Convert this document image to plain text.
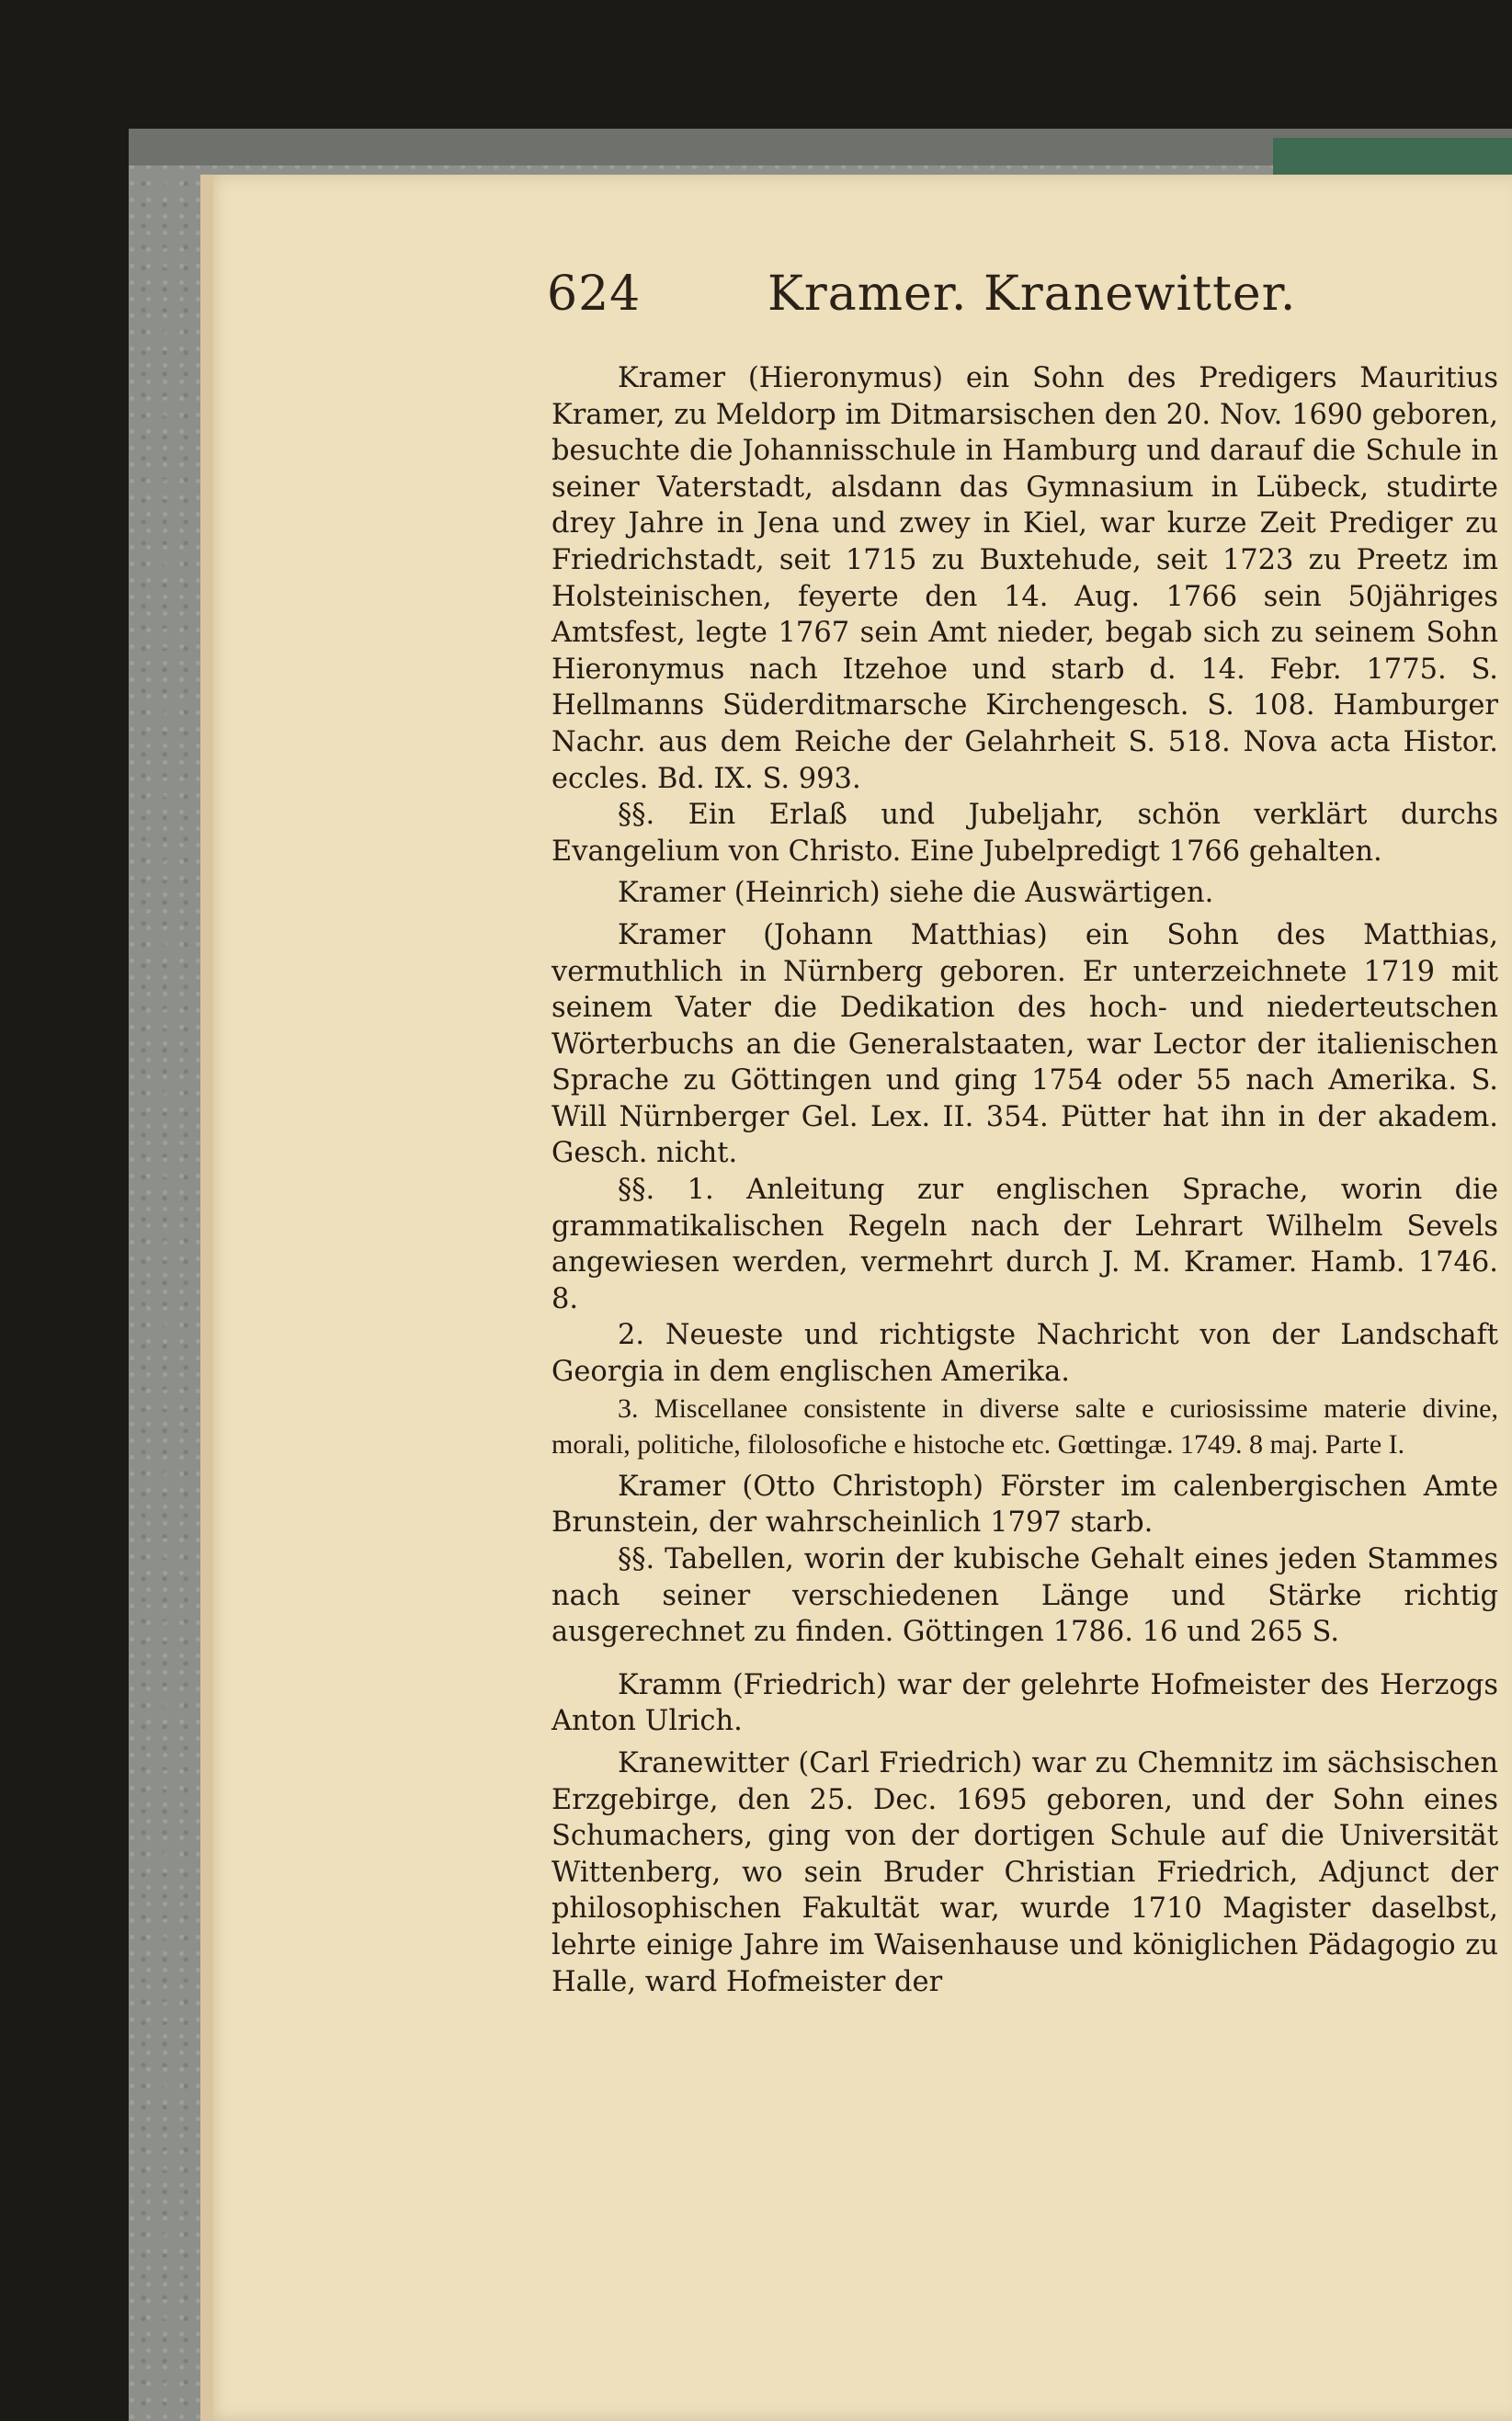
624	Kramer. Kranewitter.

Kramer (Hieronymus) ein Sohn des Predigers Mauritius Kramer, zu Meldorp im Ditmarsischen den 20. Nov. 1690 geboren, besuchte die Johannisschule in Hamburg und darauf die Schule in seiner Vaterstadt, alsdann das Gymnasium in Lübeck, studirte drey Jahre in Jena und zwey in Kiel, war kurze Zeit Prediger zu Friedrichstadt, seit 1715 zu Buxtehude, seit 1723 zu Preetz im Holsteinischen, feyerte den 14. Aug. 1766 sein 50jähriges Amtsfest, legte 1767 sein Amt nieder, begab sich zu seinem Sohn Hieronymus nach Itzehoe und starb d. 14. Febr. 1775. S. Hellmanns Süderditmarsche Kirchengesch. S. 108. Hamburger Nachr. aus dem Reiche der Gelahrheit S. 518. Nova acta Histor. eccles. Bd. IX. S. 993.

§§. Ein Erlaß und Jubeljahr, schön verklärt durchs Evangelium von Christo. Eine Jubelpredigt 1766 gehalten.

Kramer (Heinrich) siehe die Auswärtigen.

Kramer (Johann Matthias) ein Sohn des Matthias, vermuthlich in Nürnberg geboren. Er unterzeichnete 1719 mit seinem Vater die Dedikation des hoch- und niederteutschen Wörterbuchs an die Generalstaaten, war Lector der italienischen Sprache zu Göttingen und ging 1754 oder 55 nach Amerika. S. Will Nürnberger Gel. Lex. II. 354. Pütter hat ihn in der akadem. Gesch. nicht.

§§. 1. Anleitung zur englischen Sprache, worin die grammatikalischen Regeln nach der Lehrart Wilhelm Sevels angewiesen werden, vermehrt durch J. M. Kramer. Hamb. 1746. 8.

2. Neueste und richtigste Nachricht von der Landschaft Georgia in dem englischen Amerika.

3. Miscellanee consistente in diverse salte e curiosissime materie divine, morali, politiche, filolosofiche e histoche etc. Gœttingæ. 1749. 8 maj. Parte I.

Kramer (Otto Christoph) Förster im calenbergischen Amte Brunstein, der wahrscheinlich 1797 starb.

§§. Tabellen, worin der kubische Gehalt eines jeden Stammes nach seiner verschiedenen Länge und Stärke richtig ausgerechnet zu finden. Göttingen 1786. 16 und 265 S.

Kramm (Friedrich) war der gelehrte Hofmeister des Herzogs Anton Ulrich.

Kranewitter (Carl Friedrich) war zu Chemnitz im sächsischen Erzgebirge, den 25. Dec. 1695 geboren, und der Sohn eines Schumachers, ging von der dortigen Schule auf die Universität Wittenberg, wo sein Bruder Christian Friedrich, Adjunct der philosophischen Fakultät war, wurde 1710 Magister daselbst, lehrte einige Jahre im Waisenhause und königlichen Pädagogio zu Halle, ward Hofmeister der
